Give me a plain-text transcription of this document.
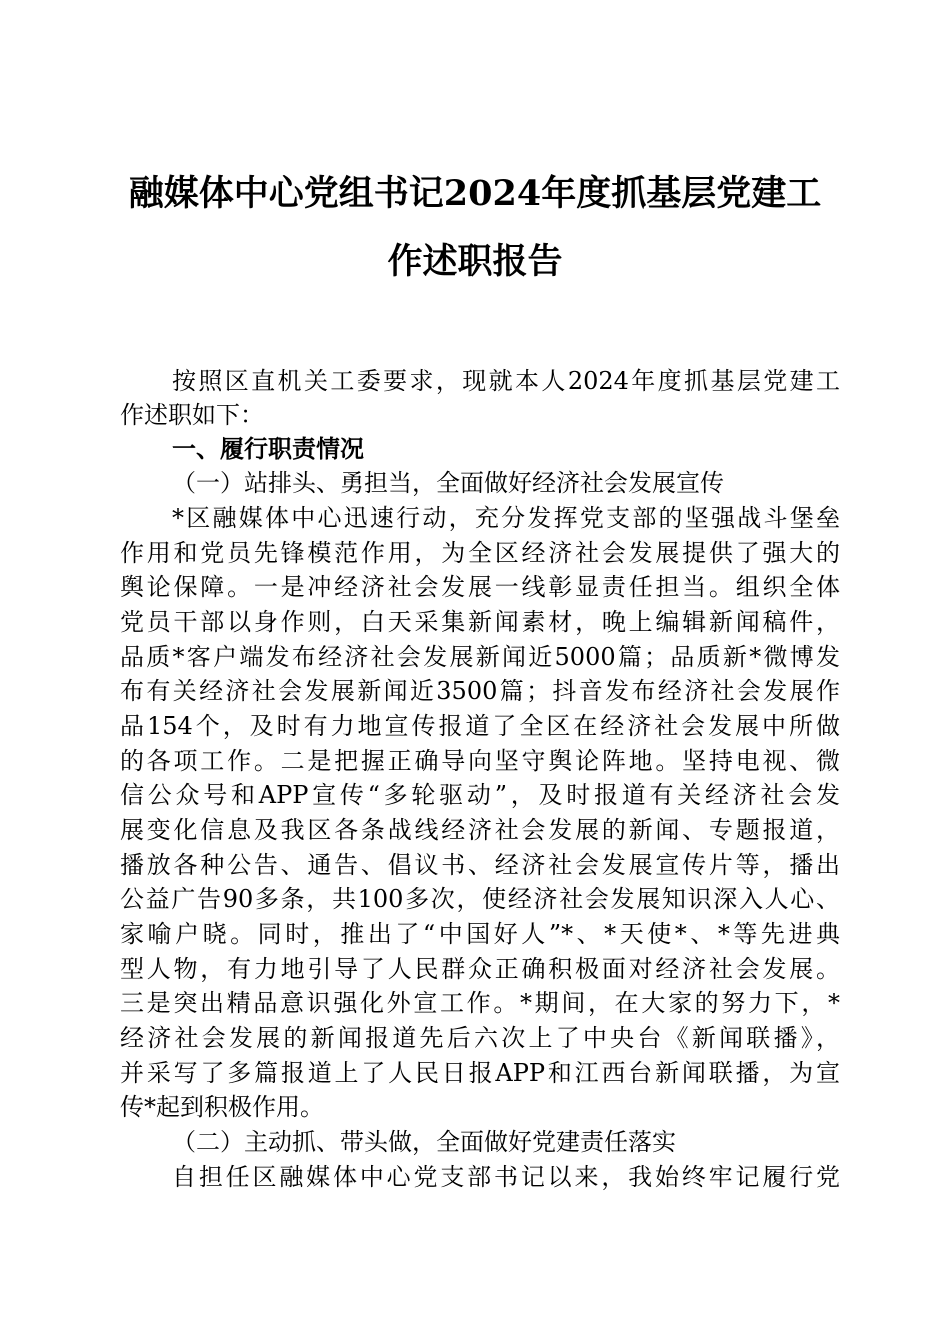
融媒体中心党组书记2024年度抓基层党建工
作述职报告
按照区直机关工委要求，现就本人2024年度抓基层党建工
作述职如下：
一、履行职责情况
（一）站排头、勇担当，全面做好经济社会发展宣传
*区融媒体中心迅速行动，充分发挥党支部的坚强战斗堡垒
作用和党员先锋模范作用，为全区经济社会发展提供了强大的
舆论保障。一是冲经济社会发展一线彰显责任担当。组织全体
党员干部以身作则，白天采集新闻素材，晚上编辑新闻稿件，
品质*客户端发布经济社会发展新闻近5000篇；品质新*微博发
布有关经济社会发展新闻近3500篇；抖音发布经济社会发展作
品154个，及时有力地宣传报道了全区在经济社会发展中所做
的各项工作。二是把握正确导向坚守舆论阵地。坚持电视、微
信公众号和APP宣传“多轮驱动”，及时报道有关经济社会发
展变化信息及我区各条战线经济社会发展的新闻、专题报道，
播放各种公告、通告、倡议书、经济社会发展宣传片等，播出
公益广告90多条，共100多次，使经济社会发展知识深入人心、
家喻户晓。同时，推出了“中国好人”*、*天使*、*等先进典
型人物，有力地引导了人民群众正确积极面对经济社会发展。
三是突出精品意识强化外宣工作。*期间，在大家的努力下，*
经济社会发展的新闻报道先后六次上了中央台《新闻联播》，
并采写了多篇报道上了人民日报APP和江西台新闻联播，为宣
传*起到积极作用。
（二）主动抓、带头做，全面做好党建责任落实
自担任区融媒体中心党支部书记以来，我始终牢记履行党
